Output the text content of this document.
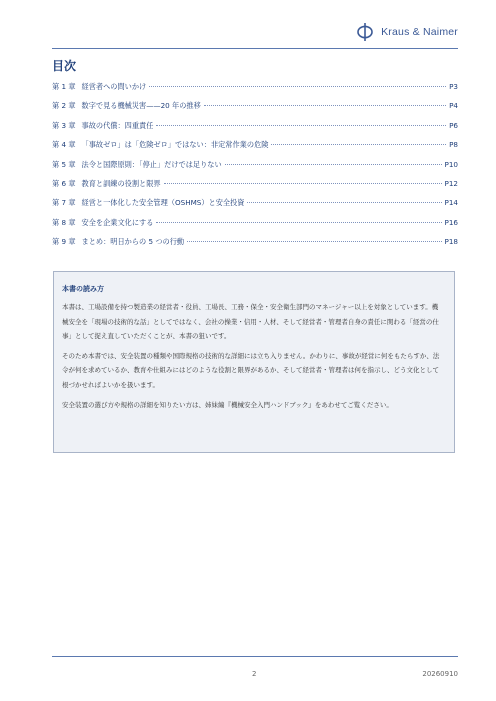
Kraus & Naimer
目次
第 1 章 経営者への問いかけ	P3
第 2 章 数字で見る機械災害——20 年の推移	P4
第 3 章 事故の代償：四重責任	P6
第 4 章 「事故ゼロ」は「危険ゼロ」ではない：非定常作業の危険	P8
第 5 章 法令と国際原則：「停止」だけでは足りない	P10
第 6 章 教育と訓練の役割と限界	P12
第 7 章 経営と一体化した安全管理（OSHMS）と安全投資	P14
第 8 章 安全を企業文化にする	P16
第 9 章 まとめ：明日からの 5 つの行動	P18

本書の読み方

本書は、工場設備を持つ製造業の経営者・役員、工場長、工務・保全・安全衛生部門のマネージャー以上を対象としています。機械安全を「現場の技術的な話」としてではなく、会社の操業・信用・人材、そして経営者・管理者自身の責任に関わる「経営の仕事」として捉え直していただくことが、本書の狙いです。

そのため本書では、安全装置の種類や国際規格の技術的な詳細には立ち入りません。かわりに、事故が経営に何をもたらすか、法令が何を求めているか、教育や仕組みにはどのような役割と限界があるか、そして経営者・管理者は何を指示し、どう文化として根づかせればよいかを扱います。

安全装置の選び方や規格の詳細を知りたい方は、姉妹編『機械安全入門ハンドブック』をあわせてご覧ください。

2	20260910
